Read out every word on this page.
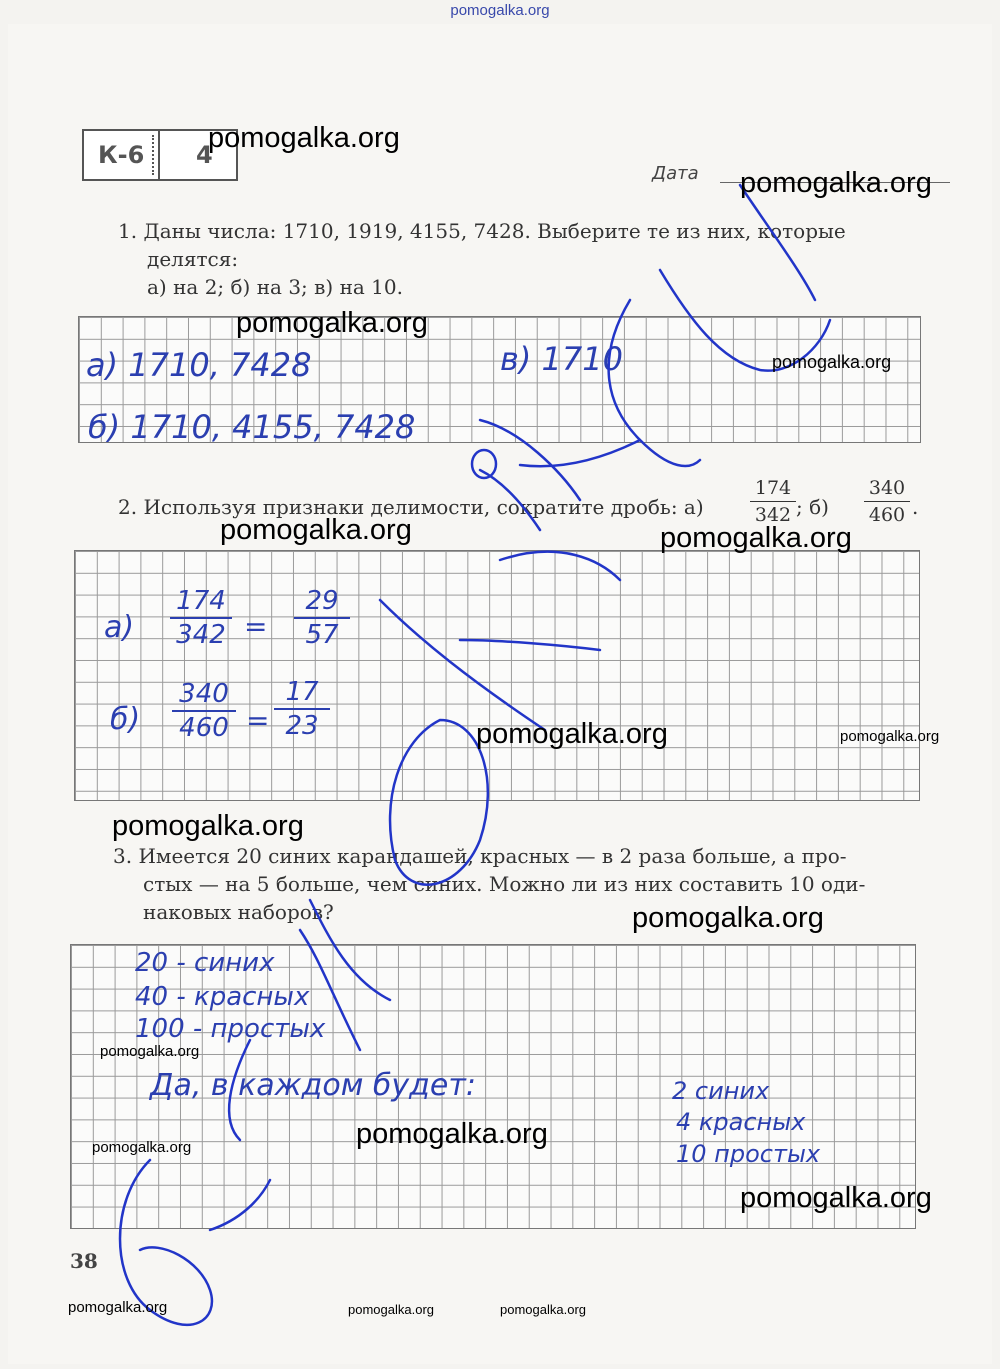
pomogalka.org
К-6 4
Дата
1. Даны числа: 1710, 1919, 4155, 7428. Выберите те из них, которые
делятся:
а) на 2; б) на 3; в) на 10.
а) 1710, 7428
б) 1710, 4155, 7428
в) 1710
2. Используя признаки делимости, сократите дробь: $а) \frac{174}{342}$ ; $б) \frac{340}{460}$ .
$а) \frac{174}{342} = \frac{29}{57}$
$б) \frac{340}{460} = \frac{17}{23}$
3. Имеется 20 синих карандашей, красных — в 2 раза больше, а про-
стых — на 5 больше, чем синих. Можно ли из них составить 10 оди-
наковых наборов?
20 - синих
40 - красных
100 - простых
Да, в каждом будет:	2 синих
4 красных
10 простых
38
pomogalka.org
pomogalka.org
pomogalka.org
pomogalka.org
pomogalka.org	pomogalka.org
pomogalka.org	pomogalka.org
pomogalka.org
pomogalka.org
pomogalka.org
pomogalka.org
pomogalka.org
pomogalka.org
pomogalka.org	pomogalka.org	pomogalka.org
